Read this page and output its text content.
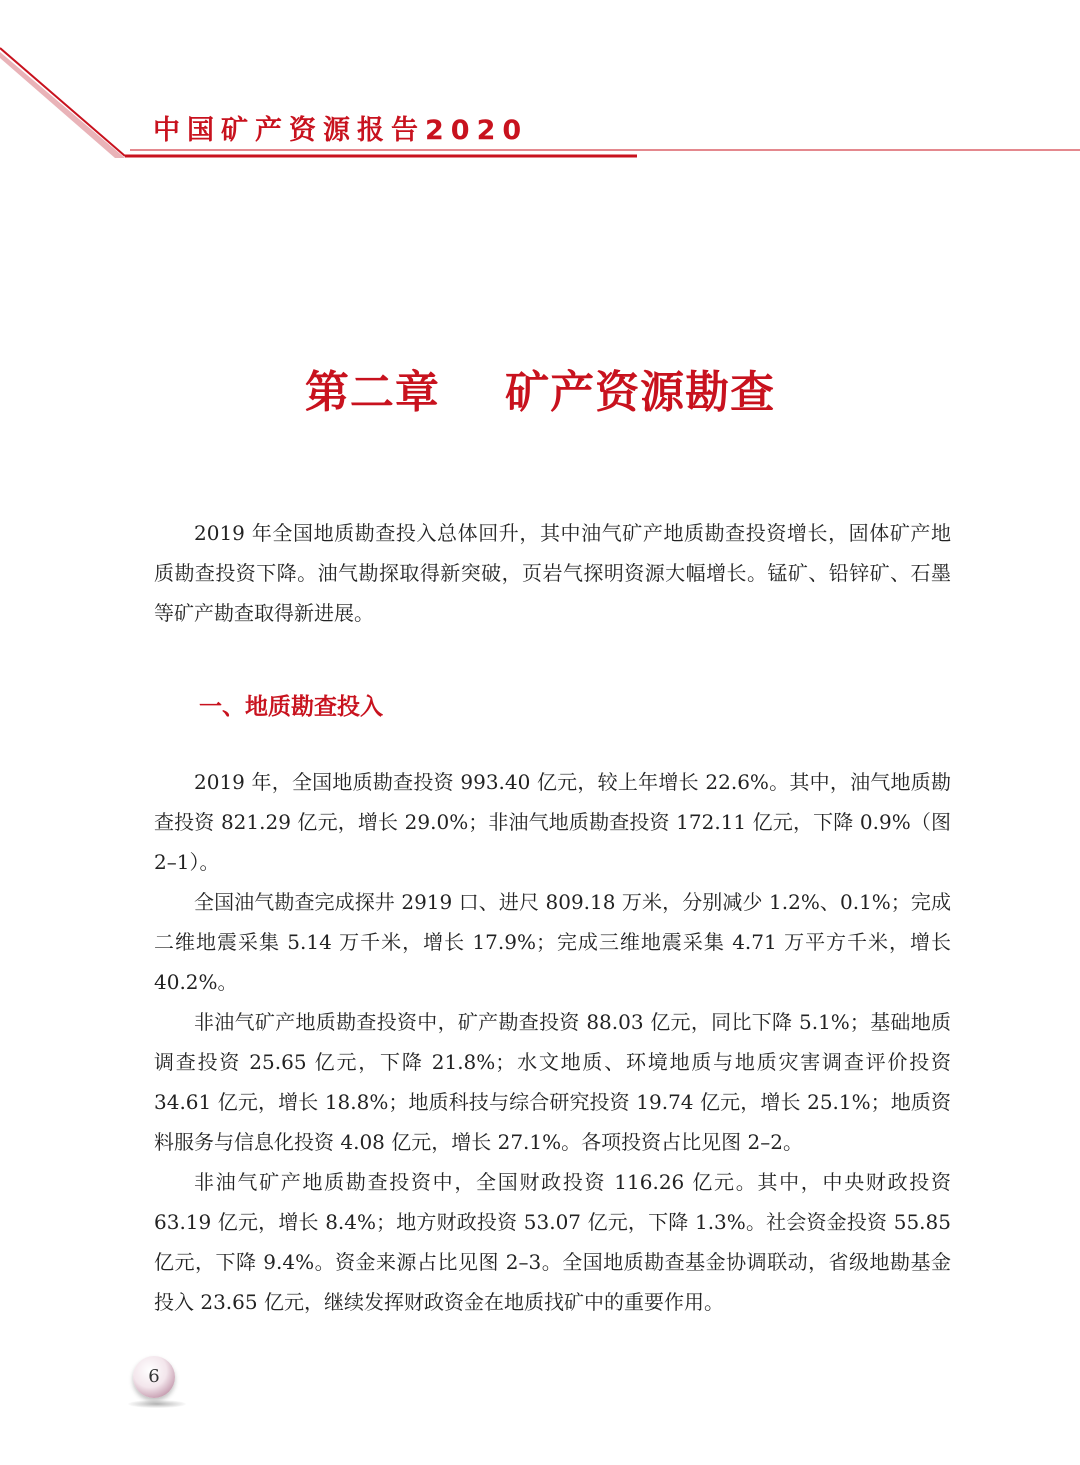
中国矿产资源报告2020
第二章    矿产资源勘查

2019 年全国地质勘查投入总体回升，其中油气矿产地质勘查投资增长，固体矿产地质勘查投资下降。油气勘探取得新突破，页岩气探明资源大幅增长。锰矿、铅锌矿、石墨等矿产勘查取得新进展。

一、地质勘查投入

2019 年，全国地质勘查投资 993.40 亿元，较上年增长 22.6%。其中，油气地质勘查投资 821.29 亿元，增长 29.0%；非油气地质勘查投资 172.11 亿元，下降 0.9%（图 2–1）。

全国油气勘查完成探井 2919 口、进尺 809.18 万米，分别减少 1.2%、0.1%；完成二维地震采集 5.14 万千米，增长 17.9%；完成三维地震采集 4.71 万平方千米，增长 40.2%。

非油气矿产地质勘查投资中，矿产勘查投资 88.03 亿元，同比下降 5.1%；基础地质调查投资 25.65 亿元，下降 21.8%；水文地质、环境地质与地质灾害调查评价投资 34.61 亿元，增长 18.8%；地质科技与综合研究投资 19.74 亿元，增长 25.1%；地质资料服务与信息化投资 4.08 亿元，增长 27.1%。各项投资占比见图 2–2。

非油气矿产地质勘查投资中，全国财政投资 116.26 亿元。其中，中央财政投资 63.19 亿元，增长 8.4%；地方财政投资 53.07 亿元，下降 1.3%。社会资金投资 55.85 亿元，下降 9.4%。资金来源占比见图 2–3。全国地质勘查基金协调联动，省级地勘基金投入 23.65 亿元，继续发挥财政资金在地质找矿中的重要作用。

6
